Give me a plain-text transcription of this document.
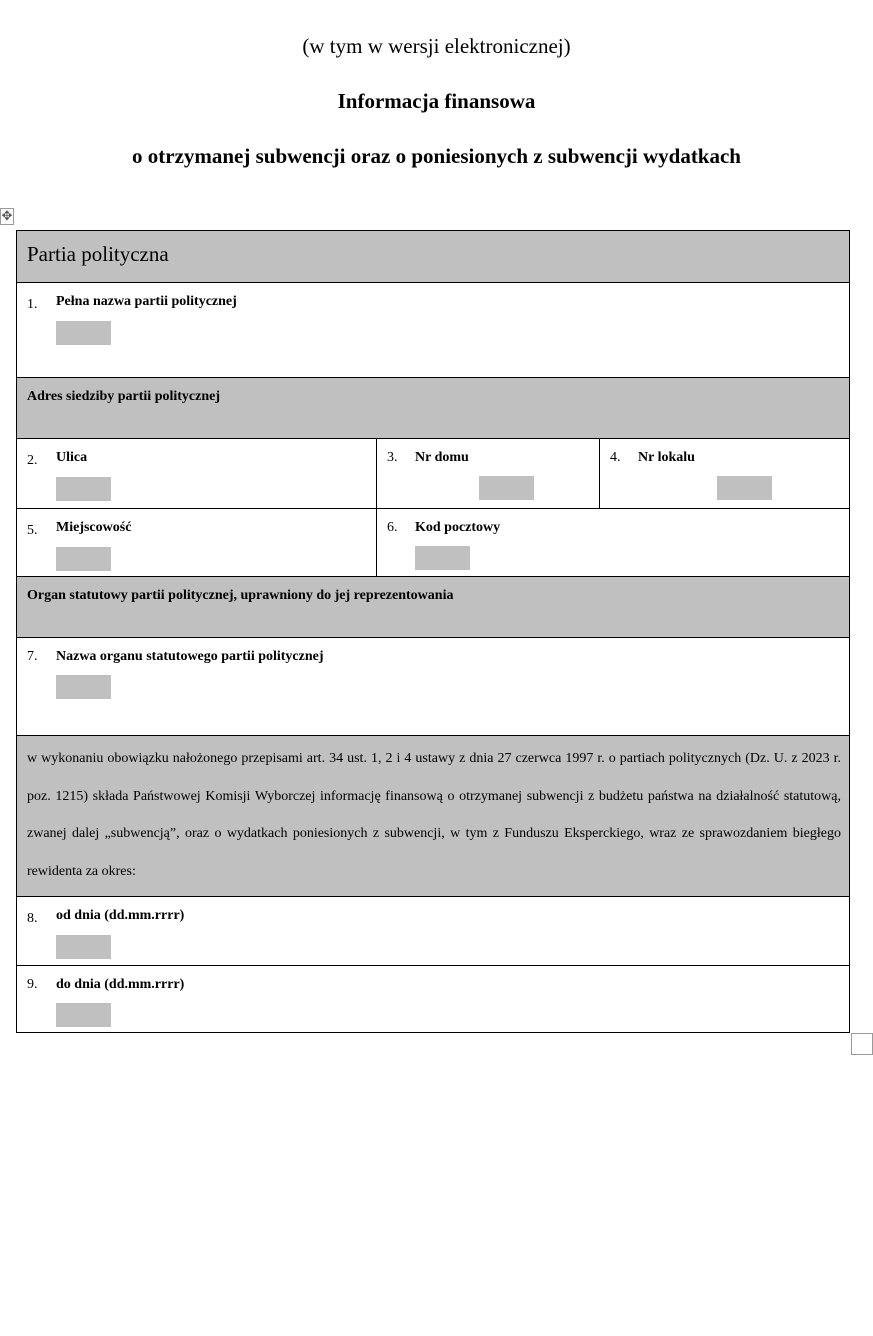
(w tym w wersji elektronicznej)
Informacja finansowa
o otrzymanej subwencji oraz o poniesionych z subwencji wydatkach
✥
Partia polityczna
1. Pełna nazwa partii politycznej
Adres siedziby partii politycznej
2. Ulica	3. Nr domu	4. Nr lokalu
5. Miejscowość	6. Kod pocztowy
Organ statutowy partii politycznej, uprawniony do jej reprezentowania
7. Nazwa organu statutowego partii politycznej
w wykonaniu obowiązku nałożonego przepisami art. 34 ust. 1, 2 i 4 ustawy z dnia 27 czerwca 1997 r. o partiach politycznych (Dz. U. z 2023 r. poz. 1215) składa Państwowej Komisji Wyborczej informację finansową o otrzymanej subwencji z budżetu państwa na działalność statutową, zwanej dalej „subwencją”, oraz o wydatkach poniesionych z subwencji, w tym z Funduszu Eksperckiego, wraz ze sprawozdaniem biegłego rewidenta za okres:
8. od dnia (dd.mm.rrrr)
9. do dnia (dd.mm.rrrr)
